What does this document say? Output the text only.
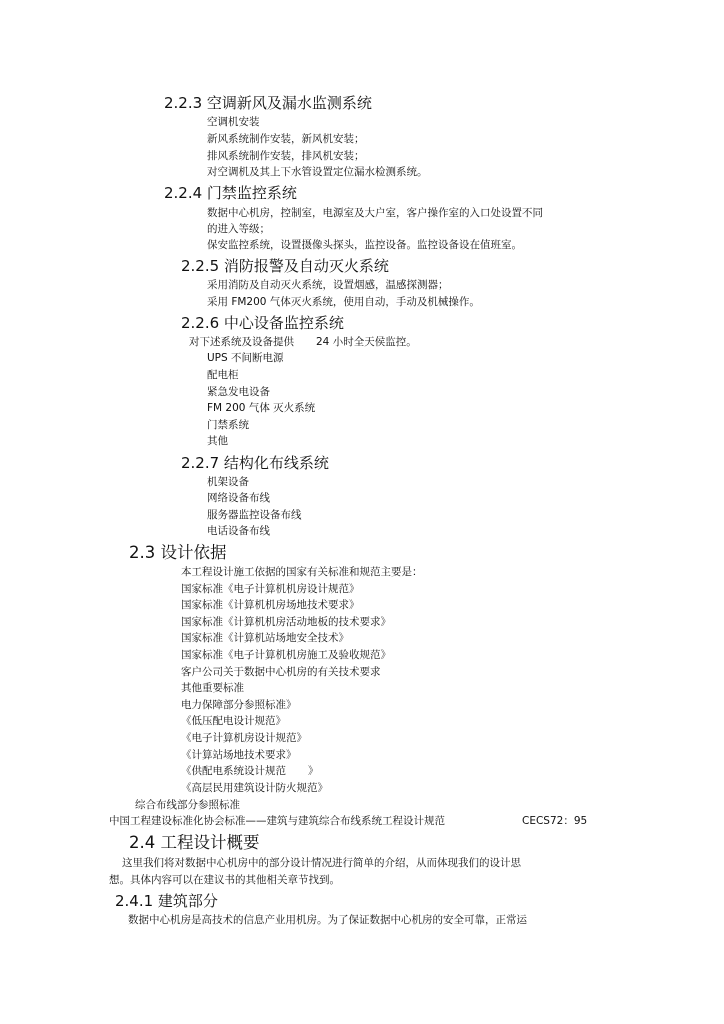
2.2.3 空调新风及漏水监测系统
空调机安装
新风系统制作安装，新风机安装；
排风系统制作安装，排风机安装；
对空调机及其上下水管设置定位漏水检测系统。
2.2.4 门禁监控系统
数据中心机房，控制室，电源室及大户室，客户操作室的入口处设置不同
的进入等级；
保安监控系统，设置摄像头探头，监控设备。监控设备设在值班室。
2.2.5 消防报警及自动灭火系统
采用消防及自动灭火系统，设置烟感，温感探测器；
采用 FM200 气体灭火系统，使用自动，手动及机械操作。
2.2.6 中心设备监控系统
对下述系统及设备提供 24 小时全天侯监控。
UPS 不间断电源
配电柜
紧急发电设备
FM 200 气体 灭火系统
门禁系统
其他
2.2.7 结构化布线系统
机架设备
网络设备布线
服务器监控设备布线
电话设备布线
2.3 设计依据
本工程设计施工依据的国家有关标准和规范主要是：
国家标准《电子计算机机房设计规范》
国家标准《计算机机房场地技术要求》
国家标准《计算机机房活动地板的技术要求》
国家标准《计算机站场地安全技术》
国家标准《电子计算机机房施工及验收规范》
客户公司关于数据中心机房的有关技术要求
其他重要标准
电力保障部分参照标准》
《低压配电设计规范》
《电子计算机房设计规范》
《计算站场地技术要求》
《供配电系统设计规范 》
《高层民用建筑设计防火规范》
综合布线部分参照标准
中国工程建设标准化协会标准——建筑与建筑综合布线系统工程设计规范	CECS72：95
2.4 工程设计概要
这里我们将对数据中心机房中的部分设计情况进行简单的介绍，从而体现我们的设计思
想。具体内容可以在建议书的其他相关章节找到。
2.4.1 建筑部分
数据中心机房是高技术的信息产业用机房。为了保证数据中心机房的安全可靠，正常运
